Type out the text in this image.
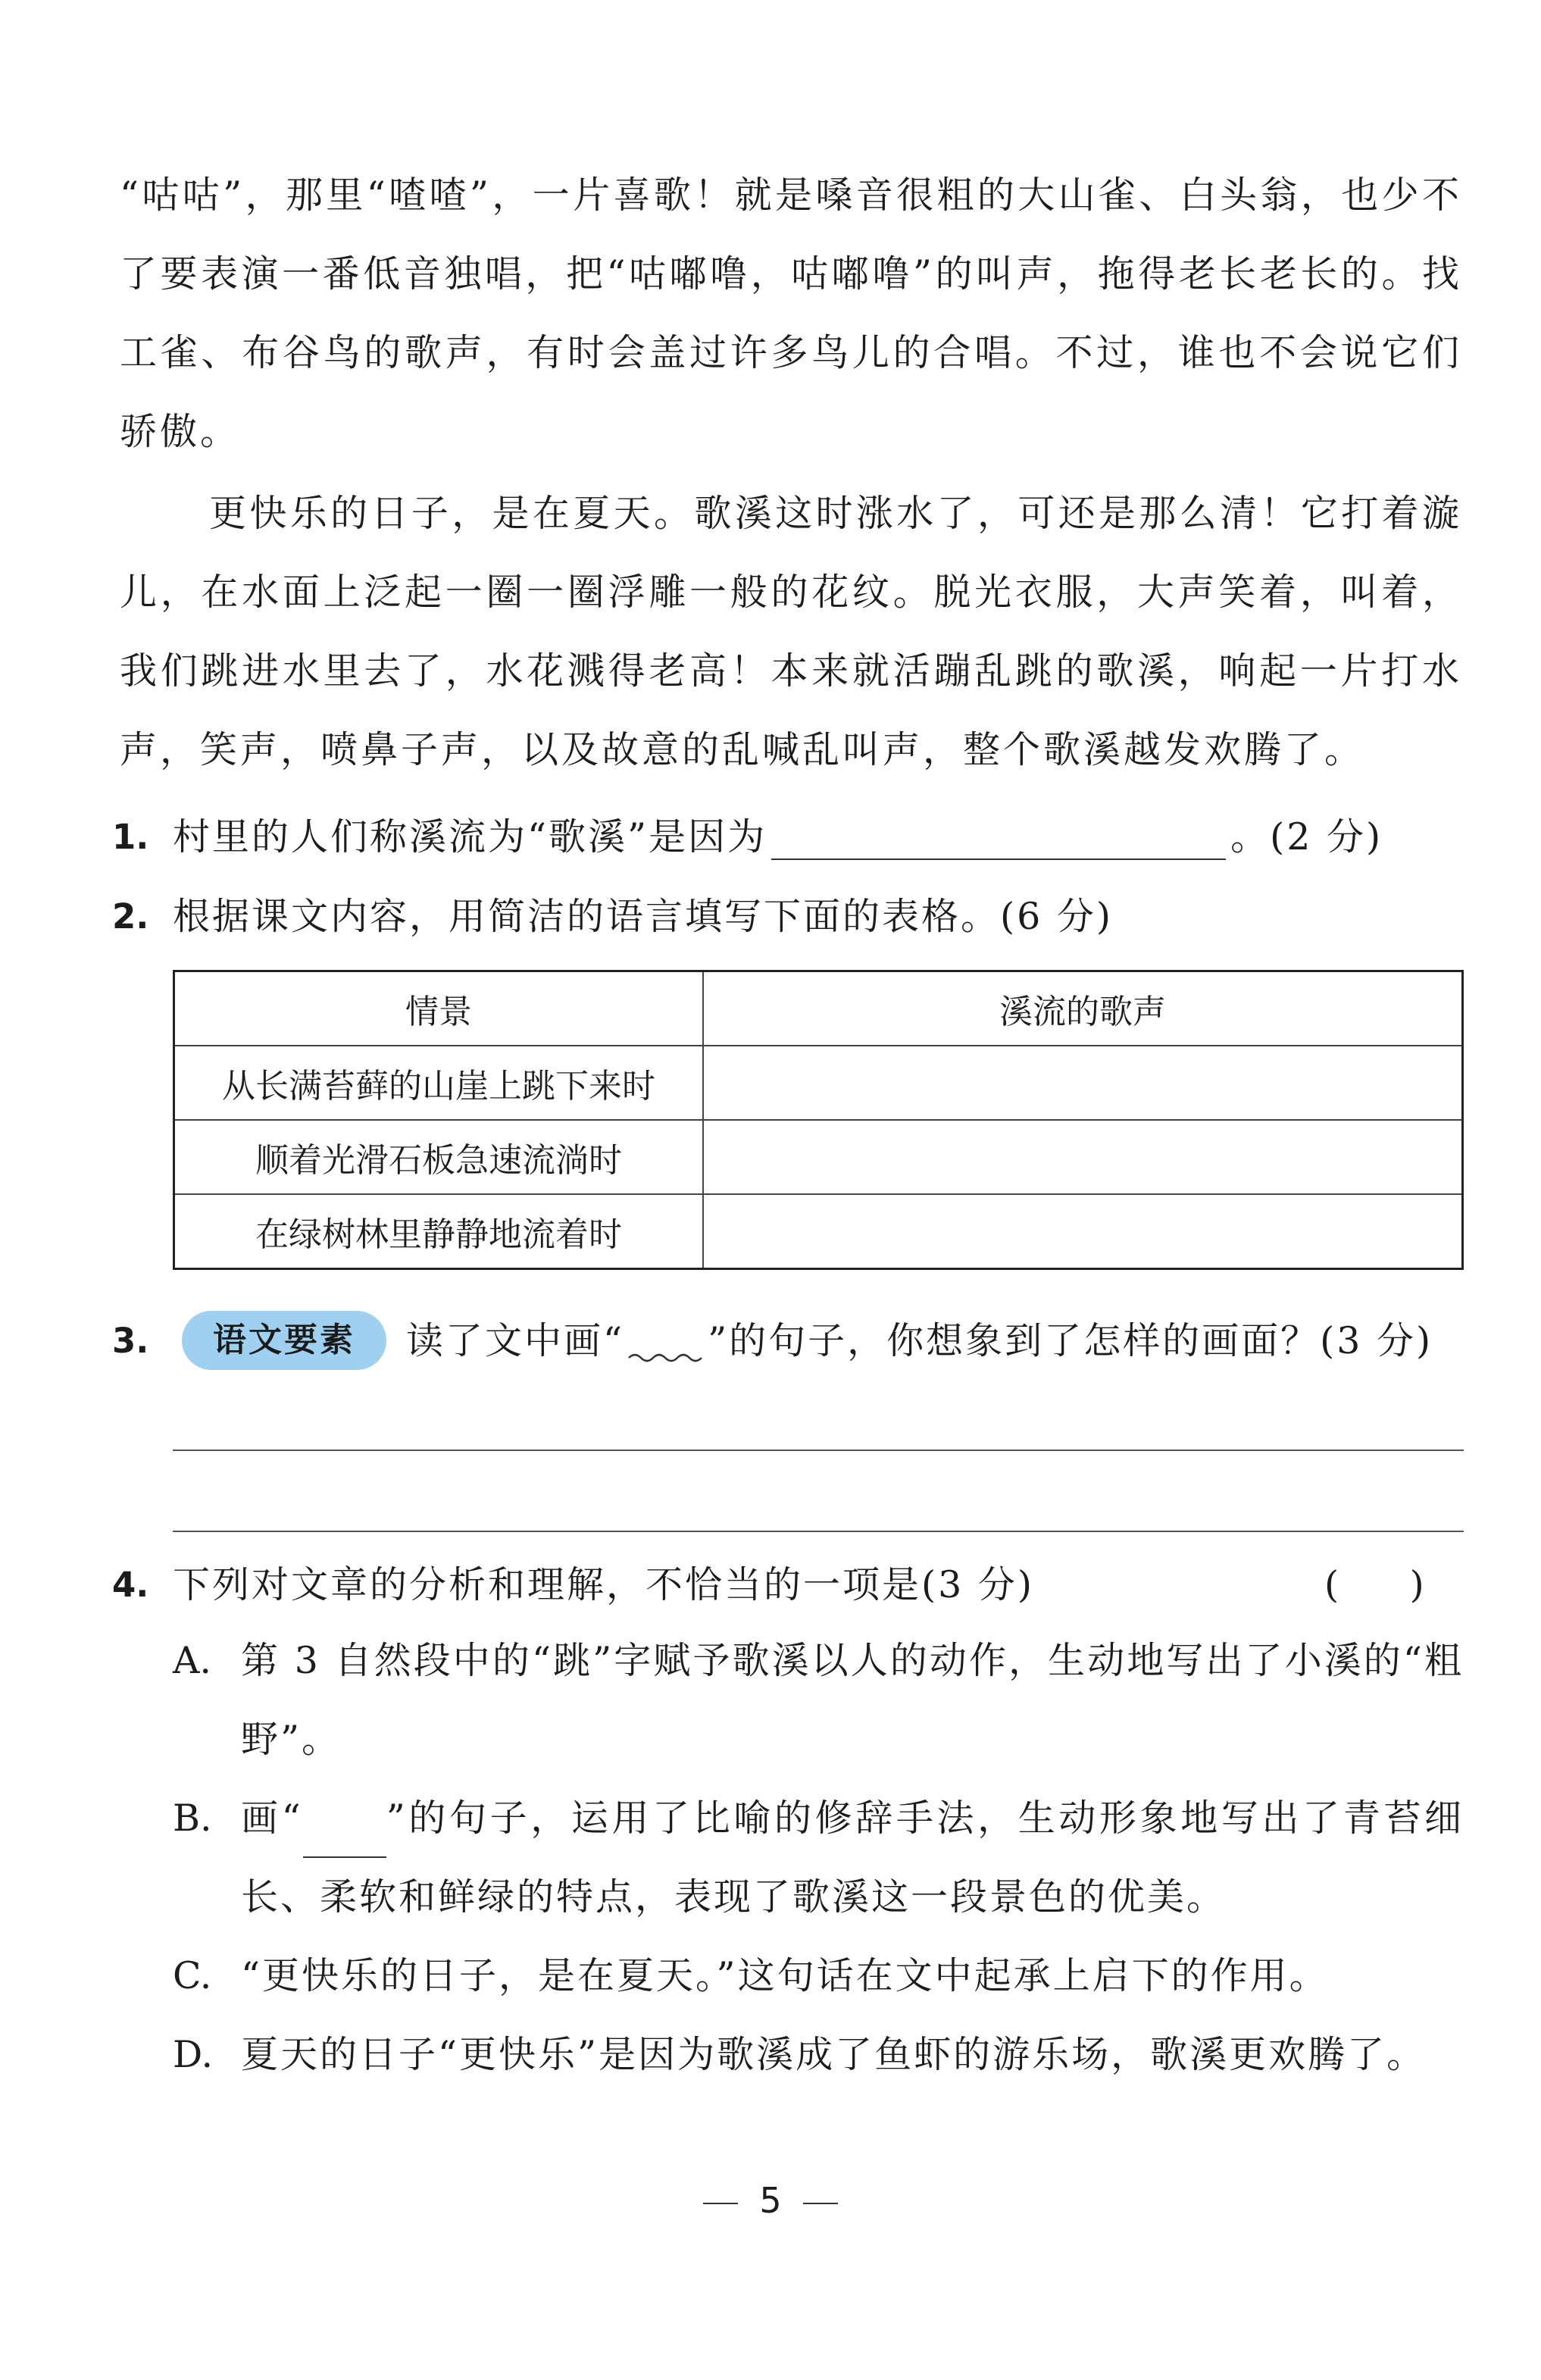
“咕咕”，那里“喳喳”，一片喜歌！就是嗓音很粗的大山雀、白头翁，也少不了要表演一番低音独唱，把“咕嘟噜，咕嘟噜”的叫声，拖得老长老长的。找工雀、布谷鸟的歌声，有时会盖过许多鸟儿的合唱。不过，谁也不会说它们骄傲。

更快乐的日子，是在夏天。歌溪这时涨水了，可还是那么清！它打着漩儿，在水面上泛起一圈一圈浮雕一般的花纹。脱光衣服，大声笑着，叫着，我们跳进水里去了，水花溅得老高！本来就活蹦乱跳的歌溪，响起一片打水声，笑声，喷鼻子声，以及故意的乱喊乱叫声，整个歌溪越发欢腾了。

1. 村里的人们称溪流为“歌溪”是因为	。(2 分)
2. 根据课文内容，用简洁的语言填写下面的表格。(6 分)
情景	溪流的歌声
从长满苔藓的山崖上跳下来时	
顺着光滑石板急速流淌时	
在绿树林里静静地流着时	
3.	语文要素	读了文中画“ ”的句子，你想象到了怎样的画面？(3 分)
4. 下列对文章的分析和理解，不恰当的一项是(3 分)	(      )
A. 第 3 自然段中的“跳”字赋予歌溪以人的动作，生动地写出了小溪的“粗野”。

B. 画“ ”的句子，运用了比喻的修辞手法，生动形象地写出了青苔细长、柔软和鲜绿的特点，表现了歌溪这一段景色的优美。

C. “更快乐的日子，是在夏天。”这句话在文中起承上启下的作用。

D. 夏天的日子“更快乐”是因为歌溪成了鱼虾的游乐场，歌溪更欢腾了。

5
